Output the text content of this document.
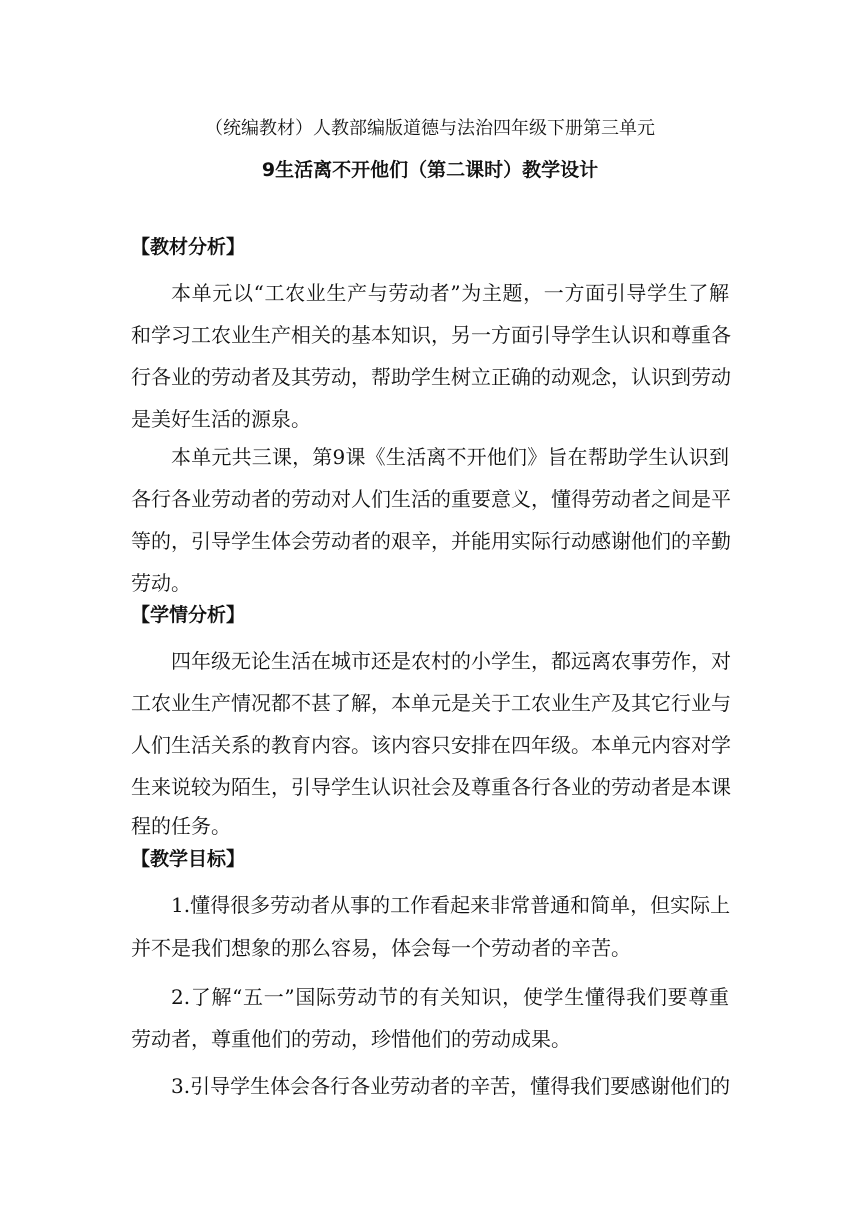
（统编教材）人教部编版道德与法治四年级下册第三单元
9生活离不开他们（第二课时）教学设计
【教材分析】
本单元以“工农业生产与劳动者”为主题，一方面引导学生了解
和学习工农业生产相关的基本知识，另一方面引导学生认识和尊重各
行各业的劳动者及其劳动，帮助学生树立正确的动观念，认识到劳动
是美好生活的源泉。
本单元共三课，第9课《生活离不开他们》旨在帮助学生认识到
各行各业劳动者的劳动对人们生活的重要意义，懂得劳动者之间是平
等的，引导学生体会劳动者的艰辛，并能用实际行动感谢他们的辛勤
劳动。
【学情分析】
四年级无论生活在城市还是农村的小学生，都远离农事劳作，对
工农业生产情况都不甚了解，本单元是关于工农业生产及其它行业与
人们生活关系的教育内容。该内容只安排在四年级。本单元内容对学
生来说较为陌生，引导学生认识社会及尊重各行各业的劳动者是本课
程的任务。
【教学目标】
1.懂得很多劳动者从事的工作看起来非常普通和简单，但实际上
并不是我们想象的那么容易，体会每一个劳动者的辛苦。
2.了解“五一”国际劳动节的有关知识，使学生懂得我们要尊重
劳动者，尊重他们的劳动，珍惜他们的劳动成果。
3.引导学生体会各行各业劳动者的辛苦，懂得我们要感谢他们的
